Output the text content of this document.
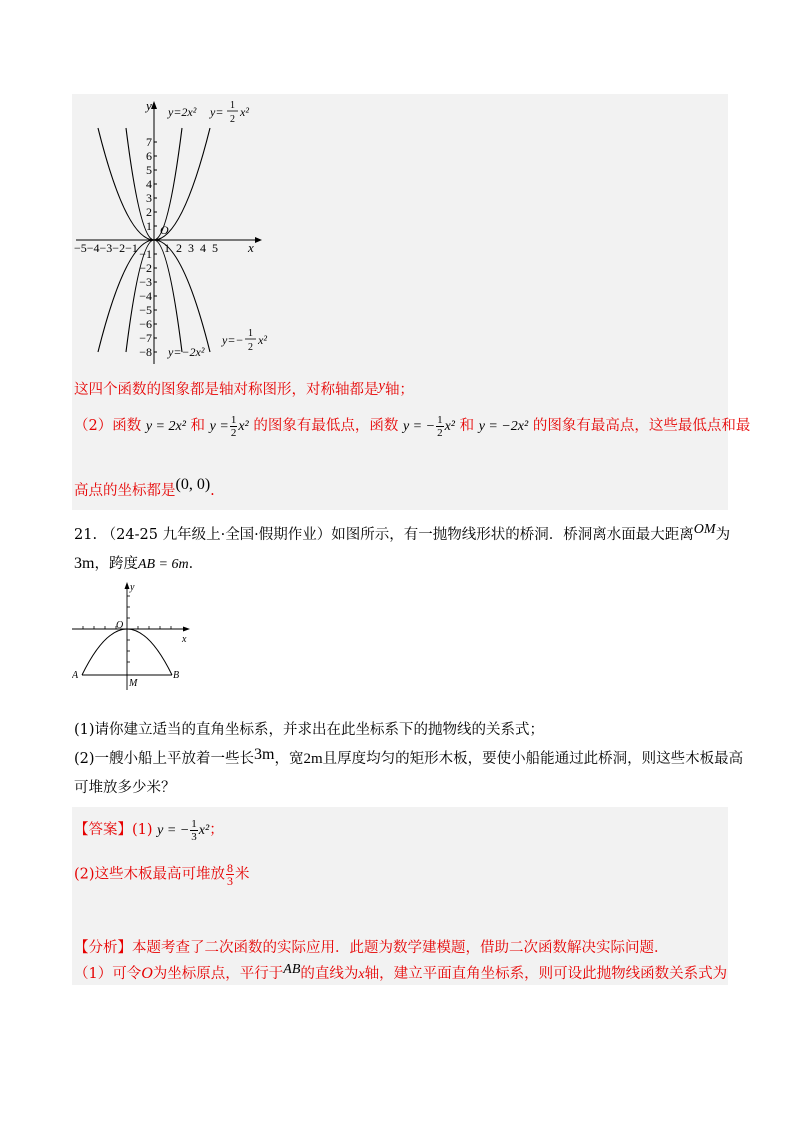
y
x
O
7
6
5
4
3
2
1
−1
−2
−3
−4
−5
−6
−7
−8
−5−4−3−2−1 1  2  3  4  5
y=2x² y= 1
2
x²
y=−2x²
y=− 1
2
x²
这四个函数的图象都是轴对称图形，对称轴都是y轴；
（2）函数 y = 2x² 和 $y = \frac{1}{2} x^2$ 的图象有最低点，函数 y = − $\frac{1}{2} x^2$ 和 y = −2x² 的图象有最高点，这些最低点和最
高点的坐标都是(0, 0).
21. （24-25 九年级上·全国·假期作业）如图所示，有一抛物线形状的桥洞．桥洞离水面最大距离OM为
3m，跨度AB = 6m．
y
x
O
A	B
M
(1)请你建立适当的直角坐标系，并求出在此坐标系下的抛物线的关系式；
(2)一艘小船上平放着一些长3m，宽2m且厚度均匀的矩形木板，要使小船能通过此桥洞，则这些木板最高
可堆放多少米？
【答案】(1) y = − $\frac{1}{3} x^2$；
(2)这些木板最高可堆放 $\frac{8}{3}$ 米
【分析】本题考查了二次函数的实际应用．此题为数学建模题，借助二次函数解决实际问题．
（1）可令O为坐标原点，平行于AB的直线为x轴，建立平面直角坐标系，则可设此抛物线函数关系式为
